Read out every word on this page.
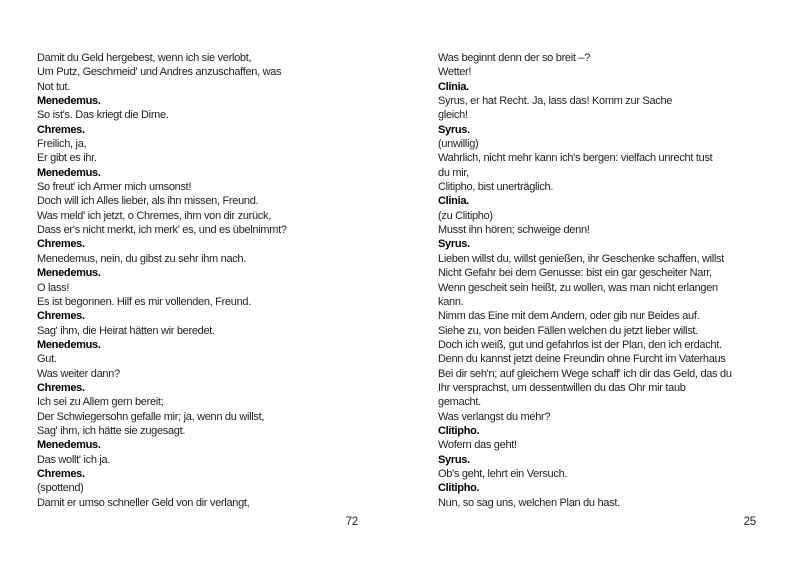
Damit du Geld hergebest, wenn ich sie verlobt,
Um Putz, Geschmeid' und Andres anzuschaffen, was
Not tut.
Menedemus.
So ist's. Das kriegt die Dirne.
Chremes.
Freilich, ja,
Er gibt es ihr.
Menedemus.
So freut' ich Armer mich umsonst!
Doch will ich Alles lieber, als ihn missen, Freund.
Was meld' ich jetzt, o Chremes, ihm von dir zurück,
Dass er's nicht merkt, ich merk' es, und es übelnimmt?
Chremes.
Menedemus, nein, du gibst zu sehr ihm nach.
Menedemus.
O lass!
Es ist begonnen. Hilf es mir vollenden, Freund.
Chremes.
Sag' ihm, die Heirat hätten wir beredet.
Menedemus.
Gut.
Was weiter dann?
Chremes.
Ich sei zu Allem gern bereit;
Der Schwiegersohn gefalle mir; ja, wenn du willst,
Sag' ihm, ich hätte sie zugesagt.
Menedemus.
Das wollt' ich ja.
Chremes.
(spottend)
Damit er umso schneller Geld von dir verlangt,
Was beginnt denn der so breit –?
Wetter!
Clinia.
Syrus, er hat Recht. Ja, lass das! Komm zur Sache
gleich!
Syrus.
(unwillig)
Wahrlich, nicht mehr kann ich's bergen: vielfach unrecht tust
du mir,
Clitipho, bist unerträglich.
Clinia.
(zu Clitipho)
Musst ihn hören; schweige denn!
Syrus.
Lieben willst du, willst genießen, ihr Geschenke schaffen, willst
Nicht Gefahr bei dem Genusse: bist ein gar gescheiter Narr,
Wenn gescheit sein heißt, zu wollen, was man nicht erlangen
kann.
Nimm das Eine mit dem Andern, oder gib nur Beides auf.
Siehe zu, von beiden Fällen welchen du jetzt lieber willst.
Doch ich weiß, gut und gefahrlos ist der Plan, den ich erdacht.
Denn du kannst jetzt deine Freundin ohne Furcht im Vaterhaus
Bei dir seh'n; auf gleichem Wege schaff' ich dir das Geld, das du
Ihr versprachst, um dessentwillen du das Ohr mir taub
gemacht.
Was verlangst du mehr?
Clitipho.
Wofern das geht!
Syrus.
Ob's geht, lehrt ein Versuch.
Clitipho.
Nun, so sag uns, welchen Plan du hast.
72	25
